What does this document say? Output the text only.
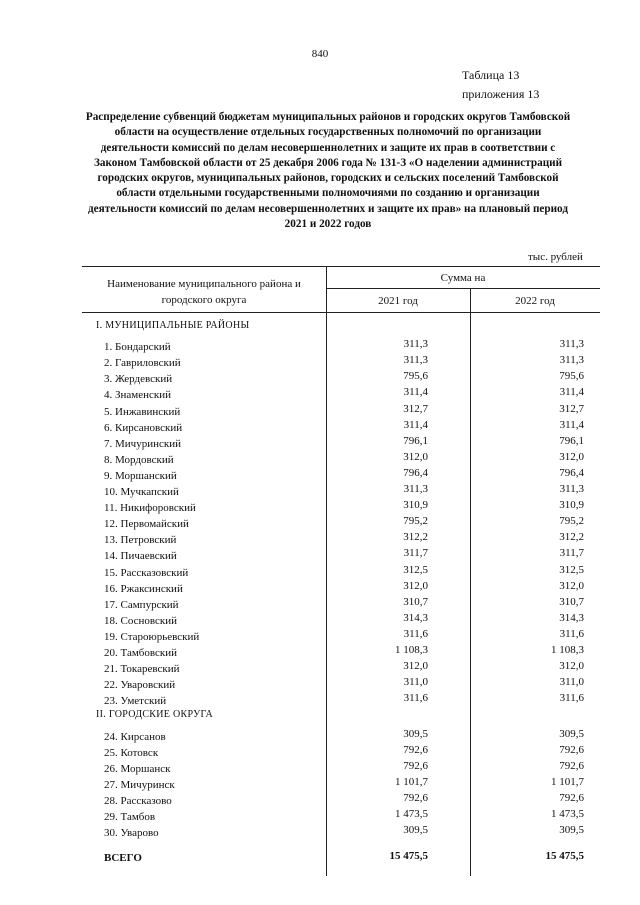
840
Таблица 13
приложения 13
Распределение субвенций бюджетам муниципальных районов и городских округов Тамбовской области на осуществление отдельных государственных полномочий по организации деятельности комиссий по делам несовершеннолетних и защите их прав в соответствии с Законом Тамбовской области от 25 декабря 2006 года № 131-З «О наделении администраций городских округов, муниципальных районов, городских и сельских поселений Тамбовской области отдельными государственными полномочиями по созданию и организации деятельности комиссий по делам несовершеннолетних и защите их прав» на плановый период 2021 и 2022 годов
тыс. рублей
Наименование муниципального района и городского округа
Сумма на
2021 год	2022 год
I. МУНИЦИПАЛЬНЫЕ РАЙОНЫ
1. Бондарский	311,3	311,3
2. Гавриловский	311,3	311,3
3. Жердевский	795,6	795,6
4. Знаменский	311,4	311,4
5. Инжавинский	312,7	312,7
6. Кирсановский	311,4	311,4
7. Мичуринский	796,1	796,1
8. Мордовский	312,0	312,0
9. Моршанский	796,4	796,4
10. Мучкапский	311,3	311,3
11. Никифоровский	310,9	310,9
12. Первомайский	795,2	795,2
13. Петровский	312,2	312,2
14. Пичаевский	311,7	311,7
15. Рассказовский	312,5	312,5
16. Ржаксинский	312,0	312,0
17. Сампурский	310,7	310,7
18. Сосновский	314,3	314,3
19. Староюрьевский	311,6	311,6
20. Тамбовский	1 108,3	1 108,3
21. Токаревский	312,0	312,0
22. Уваровский	311,0	311,0
23. Уметский	311,6	311,6
II. ГОРОДСКИЕ ОКРУГА
24. Кирсанов	309,5	309,5
25. Котовск	792,6	792,6
26. Моршанск	792,6	792,6
27. Мичуринск	1 101,7	1 101,7
28. Рассказово	792,6	792,6
29. Тамбов	1 473,5	1 473,5
30. Уварово	309,5	309,5
ВСЕГО	15 475,5	15 475,5
